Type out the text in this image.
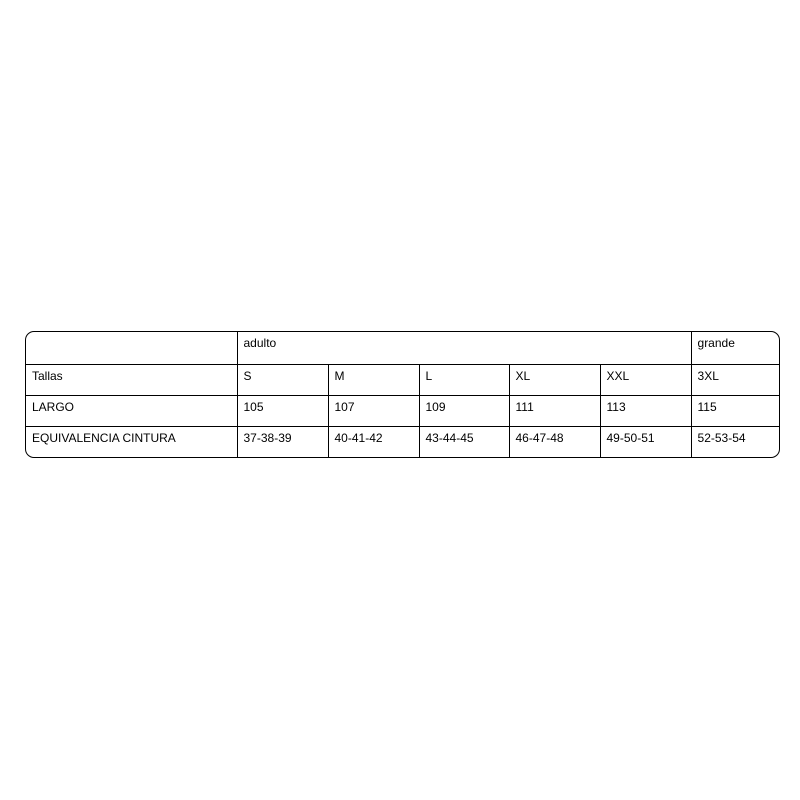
	adulto					grande
Tallas	S	M	L	XL	XXL	3XL
LARGO	105	107	109	111	113	115
EQUIVALENCIA CINTURA	37-38-39	40-41-42	43-44-45	46-47-48	49-50-51	52-53-54
